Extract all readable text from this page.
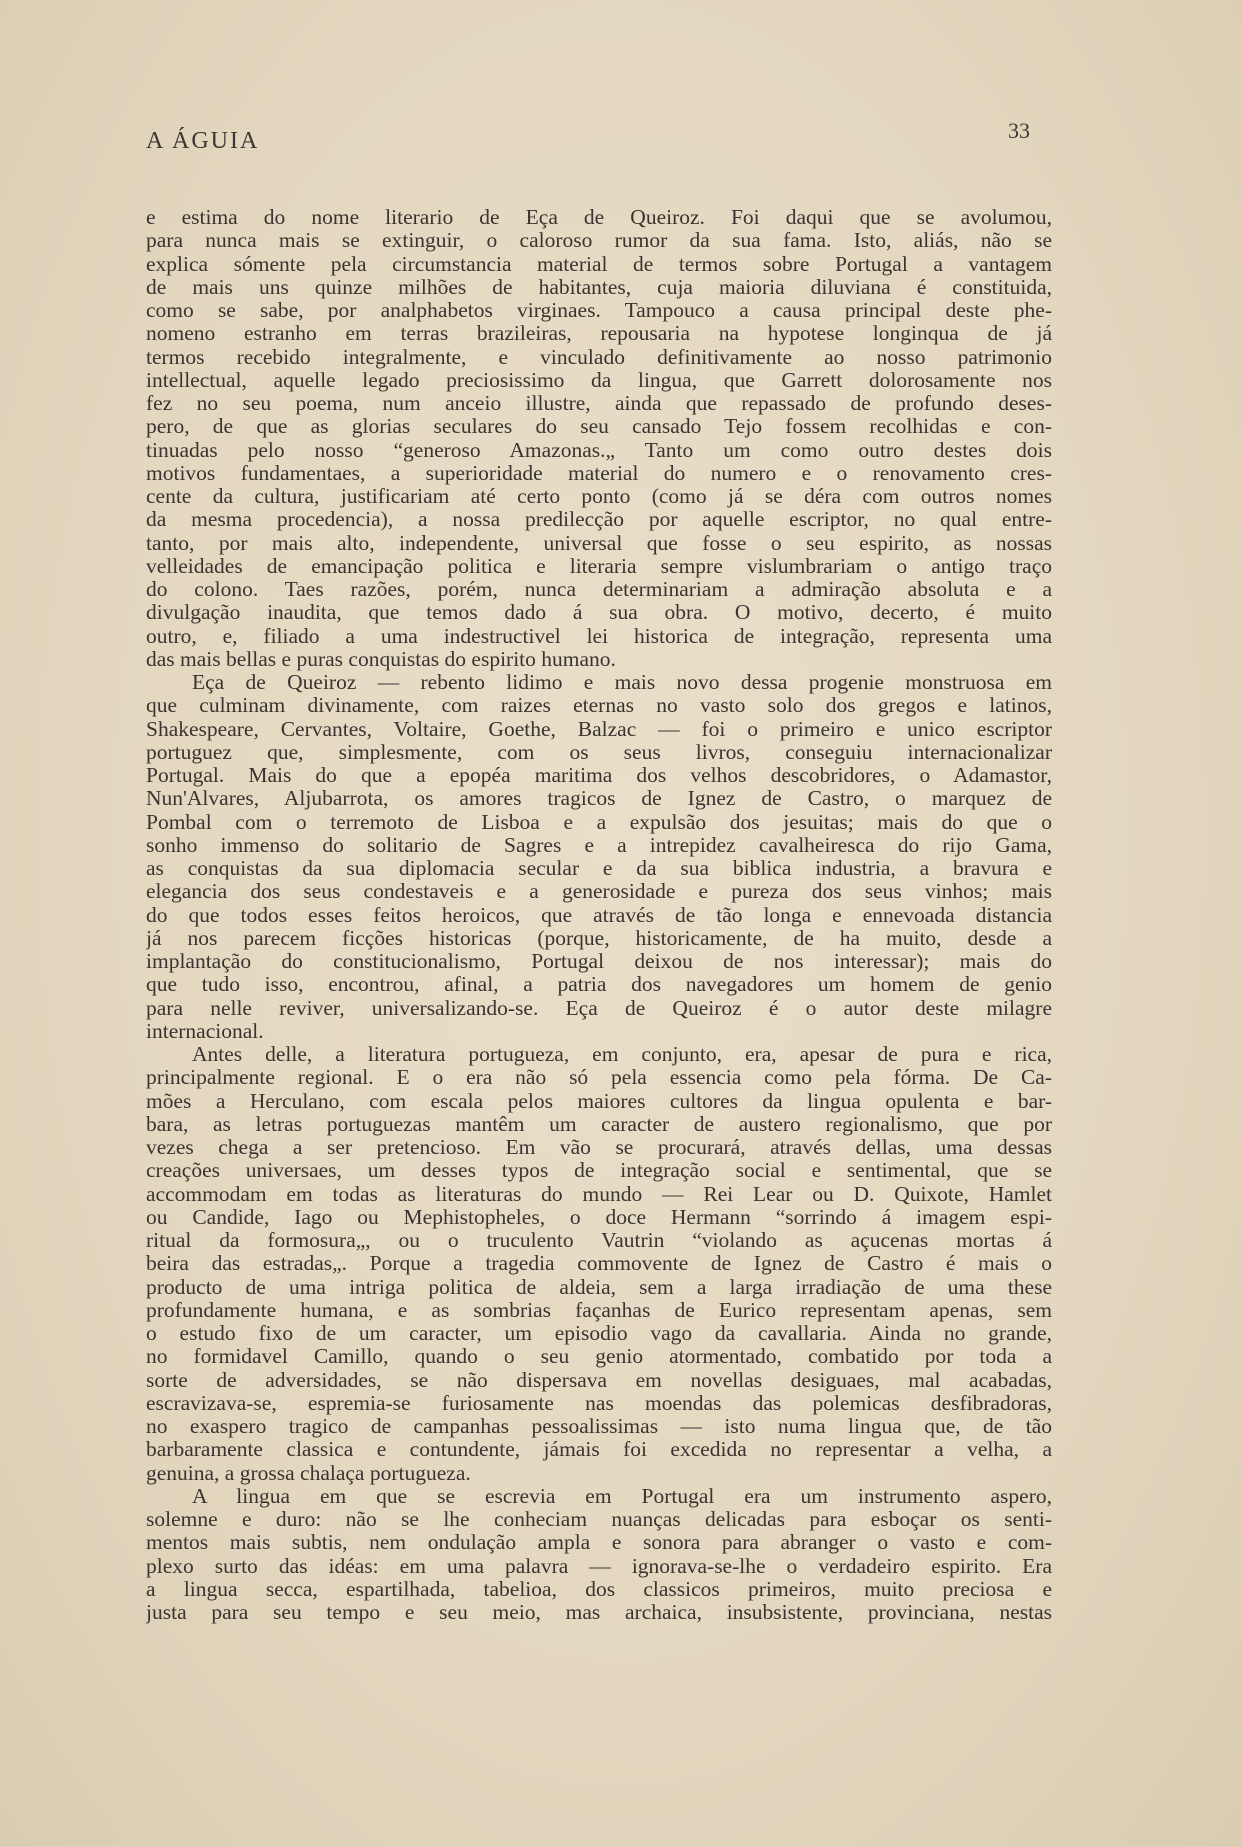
A ÁGUIA	33
e estima do nome literario de Eça de Queiroz. Foi daqui que se avolumou,
para nunca mais se extinguir, o caloroso rumor da sua fama. Isto, aliás, não se
explica sómente pela circumstancia material de termos sobre Portugal a vantagem
de mais uns quinze milhões de habitantes, cuja maioria diluviana é constituida,
como se sabe, por analphabetos virginaes. Tampouco a causa principal deste phe-
nomeno estranho em terras brazileiras, repousaria na hypotese longinqua de já
termos recebido integralmente, e vinculado definitivamente ao nosso patrimonio
intellectual, aquelle legado preciosissimo da lingua, que Garrett dolorosamente nos
fez no seu poema, num anceio illustre, ainda que repassado de profundo deses-
pero, de que as glorias seculares do seu cansado Tejo fossem recolhidas e con-
tinuadas pelo nosso “generoso Amazonas.„ Tanto um como outro destes dois
motivos fundamentaes, a superioridade material do numero e o renovamento cres-
cente da cultura, justificariam até certo ponto (como já se déra com outros nomes
da mesma procedencia), a nossa predilecção por aquelle escriptor, no qual entre-
tanto, por mais alto, independente, universal que fosse o seu espirito, as nossas
velleidades de emancipação politica e literaria sempre vislumbrariam o antigo traço
do colono. Taes razões, porém, nunca determinariam a admiração absoluta e a
divulgação inaudita, que temos dado á sua obra. O motivo, decerto, é muito
outro, e, filiado a uma indestructivel lei historica de integração, representa uma
das mais bellas e puras conquistas do espirito humano.
Eça de Queiroz — rebento lidimo e mais novo dessa progenie monstruosa em
que culminam divinamente, com raizes eternas no vasto solo dos gregos e latinos,
Shakespeare, Cervantes, Voltaire, Goethe, Balzac — foi o primeiro e unico escriptor
portuguez que, simplesmente, com os seus livros, conseguiu internacionalizar
Portugal. Mais do que a epopéa maritima dos velhos descobridores, o Adamastor,
Nun'Alvares, Aljubarrota, os amores tragicos de Ignez de Castro, o marquez de
Pombal com o terremoto de Lisboa e a expulsão dos jesuitas; mais do que o
sonho immenso do solitario de Sagres e a intrepidez cavalheiresca do rijo Gama,
as conquistas da sua diplomacia secular e da sua biblica industria, a bravura e
elegancia dos seus condestaveis e a generosidade e pureza dos seus vinhos; mais
do que todos esses feitos heroicos, que através de tão longa e ennevoada distancia
já nos parecem ficções historicas (porque, historicamente, de ha muito, desde a
implantação do constitucionalismo, Portugal deixou de nos interessar); mais do
que tudo isso, encontrou, afinal, a patria dos navegadores um homem de genio
para nelle reviver, universalizando-se. Eça de Queiroz é o autor deste milagre
internacional.
Antes delle, a literatura portugueza, em conjunto, era, apesar de pura e rica,
principalmente regional. E o era não só pela essencia como pela fórma. De Ca-
mões a Herculano, com escala pelos maiores cultores da lingua opulenta e bar-
bara, as letras portuguezas mantêm um caracter de austero regionalismo, que por
vezes chega a ser pretencioso. Em vão se procurará, através dellas, uma dessas
creações universaes, um desses typos de integração social e sentimental, que se
accommodam em todas as literaturas do mundo — Rei Lear ou D. Quixote, Hamlet
ou Candide, Iago ou Mephistopheles, o doce Hermann “sorrindo á imagem espi-
ritual da formosura„, ou o truculento Vautrin “violando as açucenas mortas á
beira das estradas„. Porque a tragedia commovente de Ignez de Castro é mais o
producto de uma intriga politica de aldeia, sem a larga irradiação de uma these
profundamente humana, e as sombrias façanhas de Eurico representam apenas, sem
o estudo fixo de um caracter, um episodio vago da cavallaria. Ainda no grande,
no formidavel Camillo, quando o seu genio atormentado, combatido por toda a
sorte de adversidades, se não dispersava em novellas desiguaes, mal acabadas,
escravizava-se, espremia-se furiosamente nas moendas das polemicas desfibradoras,
no exaspero tragico de campanhas pessoalissimas — isto numa lingua que, de tão
barbaramente classica e contundente, jámais foi excedida no representar a velha, a
genuina, a grossa chalaça portugueza.
A lingua em que se escrevia em Portugal era um instrumento aspero,
solemne e duro: não se lhe conheciam nuanças delicadas para esboçar os senti-
mentos mais subtis, nem ondulação ampla e sonora para abranger o vasto e com-
plexo surto das idéas: em uma palavra — ignorava-se-lhe o verdadeiro espirito. Era
a lingua secca, espartilhada, tabelioa, dos classicos primeiros, muito preciosa e
justa para seu tempo e seu meio, mas archaica, insubsistente, provinciana, nestas
